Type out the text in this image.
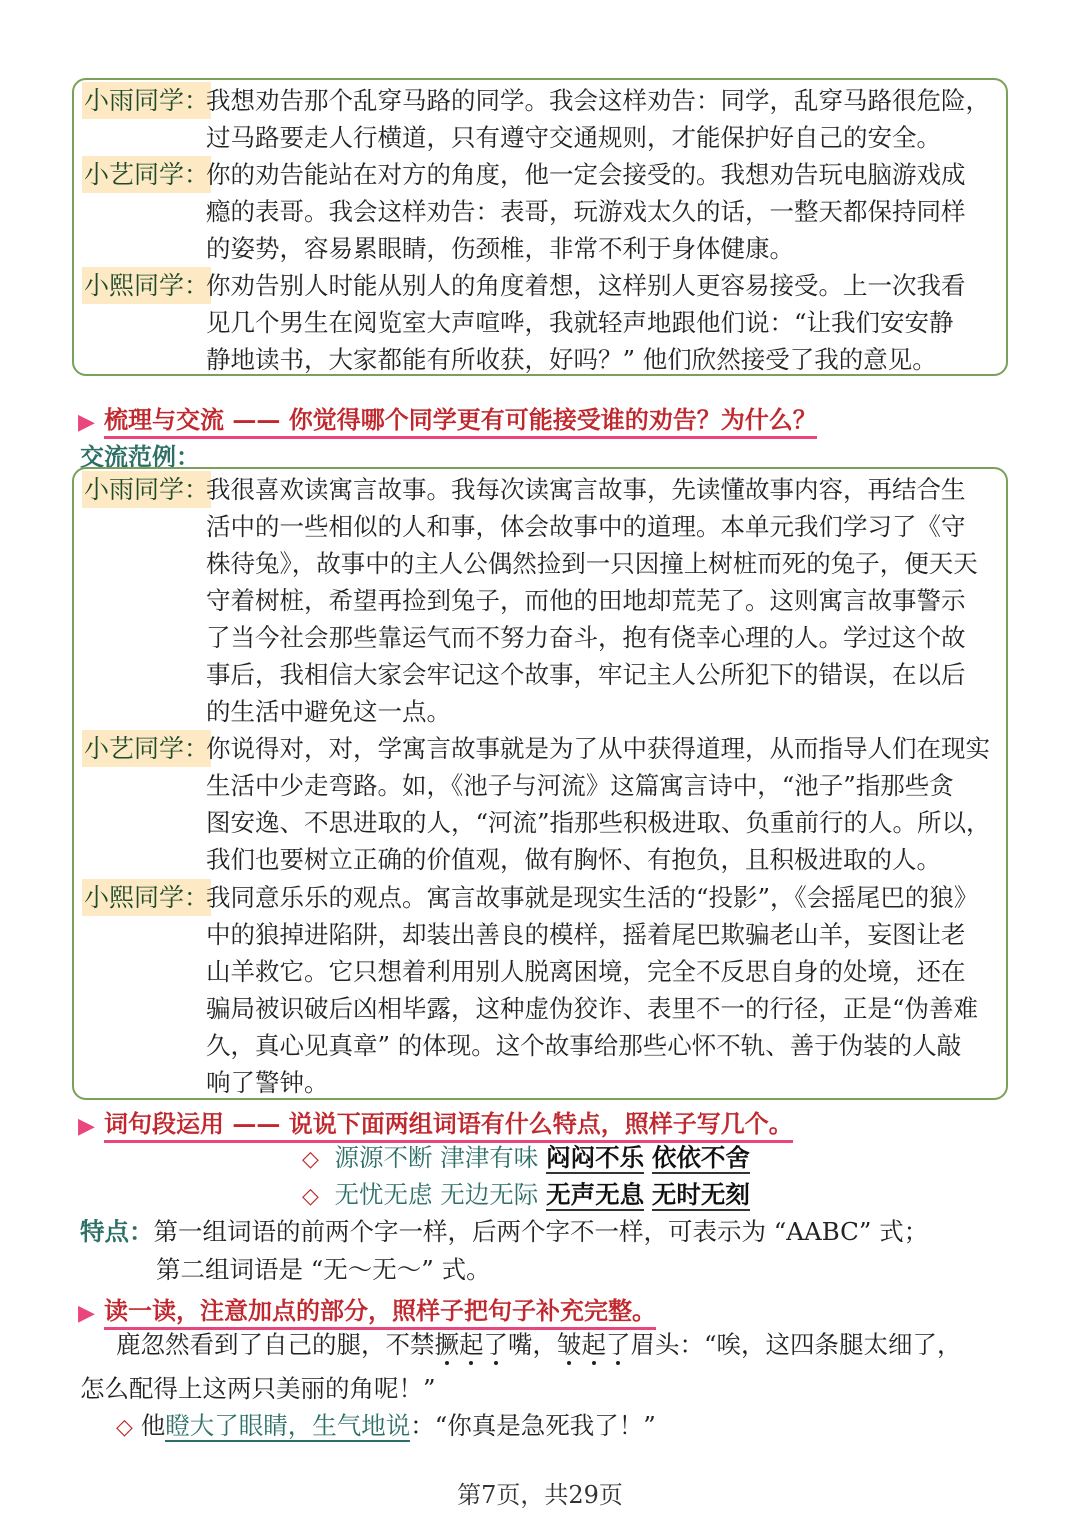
小雨同学：
我想劝告那个乱穿马路的同学。我会这样劝告：同学，乱穿马路很危险，
过马路要走人行横道，只有遵守交通规则，才能保护好自己的安全。
小艺同学：
你的劝告能站在对方的角度，他一定会接受的。我想劝告玩电脑游戏成
瘾的表哥。我会这样劝告：表哥，玩游戏太久的话，一整天都保持同样
的姿势，容易累眼睛，伤颈椎，非常不利于身体健康。
小熙同学：
你劝告别人时能从别人的角度着想，这样别人更容易接受。上一次我看
见几个男生在阅览室大声喧哗，我就轻声地跟他们说：“让我们安安静
静地读书，大家都能有所收获，好吗？” 他们欣然接受了我的意见。
▶ 梳理与交流 —— 你觉得哪个同学更有可能接受谁的劝告？为什么？
交流范例：
小雨同学：
我很喜欢读寓言故事。我每次读寓言故事，先读懂故事内容，再结合生
活中的一些相似的人和事，体会故事中的道理。本单元我们学习了《守
株待兔》，故事中的主人公偶然捡到一只因撞上树桩而死的兔子，便天天
守着树桩，希望再捡到兔子，而他的田地却荒芜了。这则寓言故事警示
了当今社会那些靠运气而不努力奋斗，抱有侥幸心理的人。学过这个故
事后，我相信大家会牢记这个故事，牢记主人公所犯下的错误，在以后
的生活中避免这一点。
小艺同学：
你说得对，对，学寓言故事就是为了从中获得道理，从而指导人们在现实
生活中少走弯路。如，《池子与河流》这篇寓言诗中，“池子”指那些贪
图安逸、不思进取的人，“河流”指那些积极进取、负重前行的人。所以，
我们也要树立正确的价值观，做有胸怀、有抱负，且积极进取的人。
小熙同学：
我同意乐乐的观点。寓言故事就是现实生活的“投影”，《会摇尾巴的狼》
中的狼掉进陷阱，却装出善良的模样，摇着尾巴欺骗老山羊，妄图让老
山羊救它。它只想着利用别人脱离困境，完全不反思自身的处境，还在
骗局被识破后凶相毕露，这种虚伪狡诈、表里不一的行径，正是“伪善难
久，真心见真章” 的体现。这个故事给那些心怀不轨、善于伪装的人敲
响了警钟。
▶ 词句段运用 —— 说说下面两组词语有什么特点，照样子写几个。
◇ 源源不断 津津有味 闷闷不乐 依依不舍
◇ 无忧无虑 无边无际 无声无息 无时无刻
特点：第一组词语的前两个字一样，后两个字不一样，可表示为 “AABC” 式；
第二组词语是 “无～无～” 式。
▶ 读一读，注意加点的部分，照样子把句子补充完整。
鹿忽然看到了自己的腿，不禁撅起了嘴，皱起了眉头：“唉，这四条腿太细了，
怎么配得上这两只美丽的角呢！”
◇ 他瞪大了眼睛，生气地说：“你真是急死我了！”
第7页，共29页
